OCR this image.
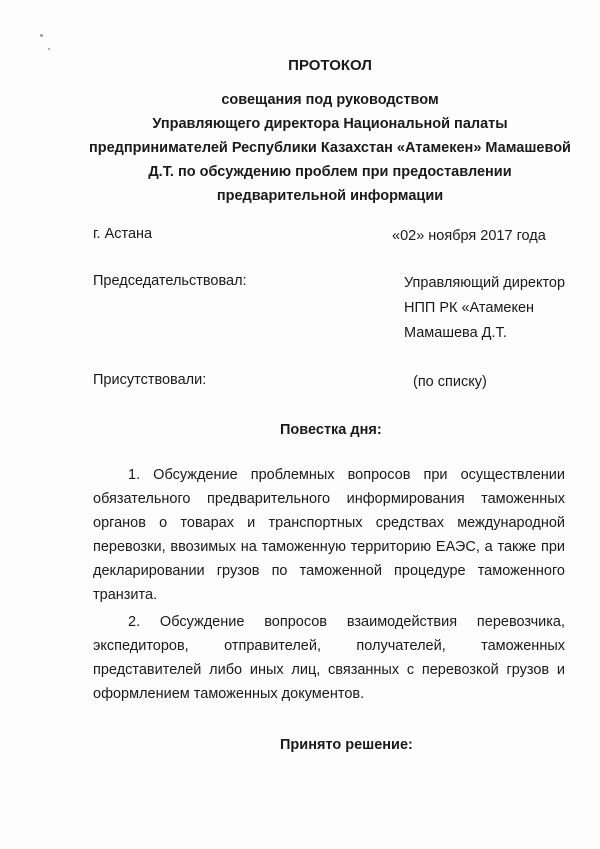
ПРОТОКОЛ
совещания под руководством
Управляющего директора Национальной палаты
предпринимателей Республики Казахстан «Атамекен» Мамашевой
Д.Т. по обсуждению проблем при предоставлении
предварительной информации
г. Астана	«02» ноября 2017 года
Председательствовал:	Управляющий директор
НПП РК «Атамекен
Мамашева Д.Т.
Присутствовали:	(по списку)
Повестка дня:
1. Обсуждение проблемных вопросов при осуществлении обязательного предварительного информирования таможенных органов о товарах и транспортных средствах международной перевозки, ввозимых на таможенную территорию ЕАЭС, а также при декларировании грузов по таможенной процедуре таможенного транзита.
2. Обсуждение вопросов взаимодействия перевозчика, экспедиторов, отправителей, получателей, таможенных представителей либо иных лиц, связанных с перевозкой грузов и оформлением таможенных документов.
Принято решение:
